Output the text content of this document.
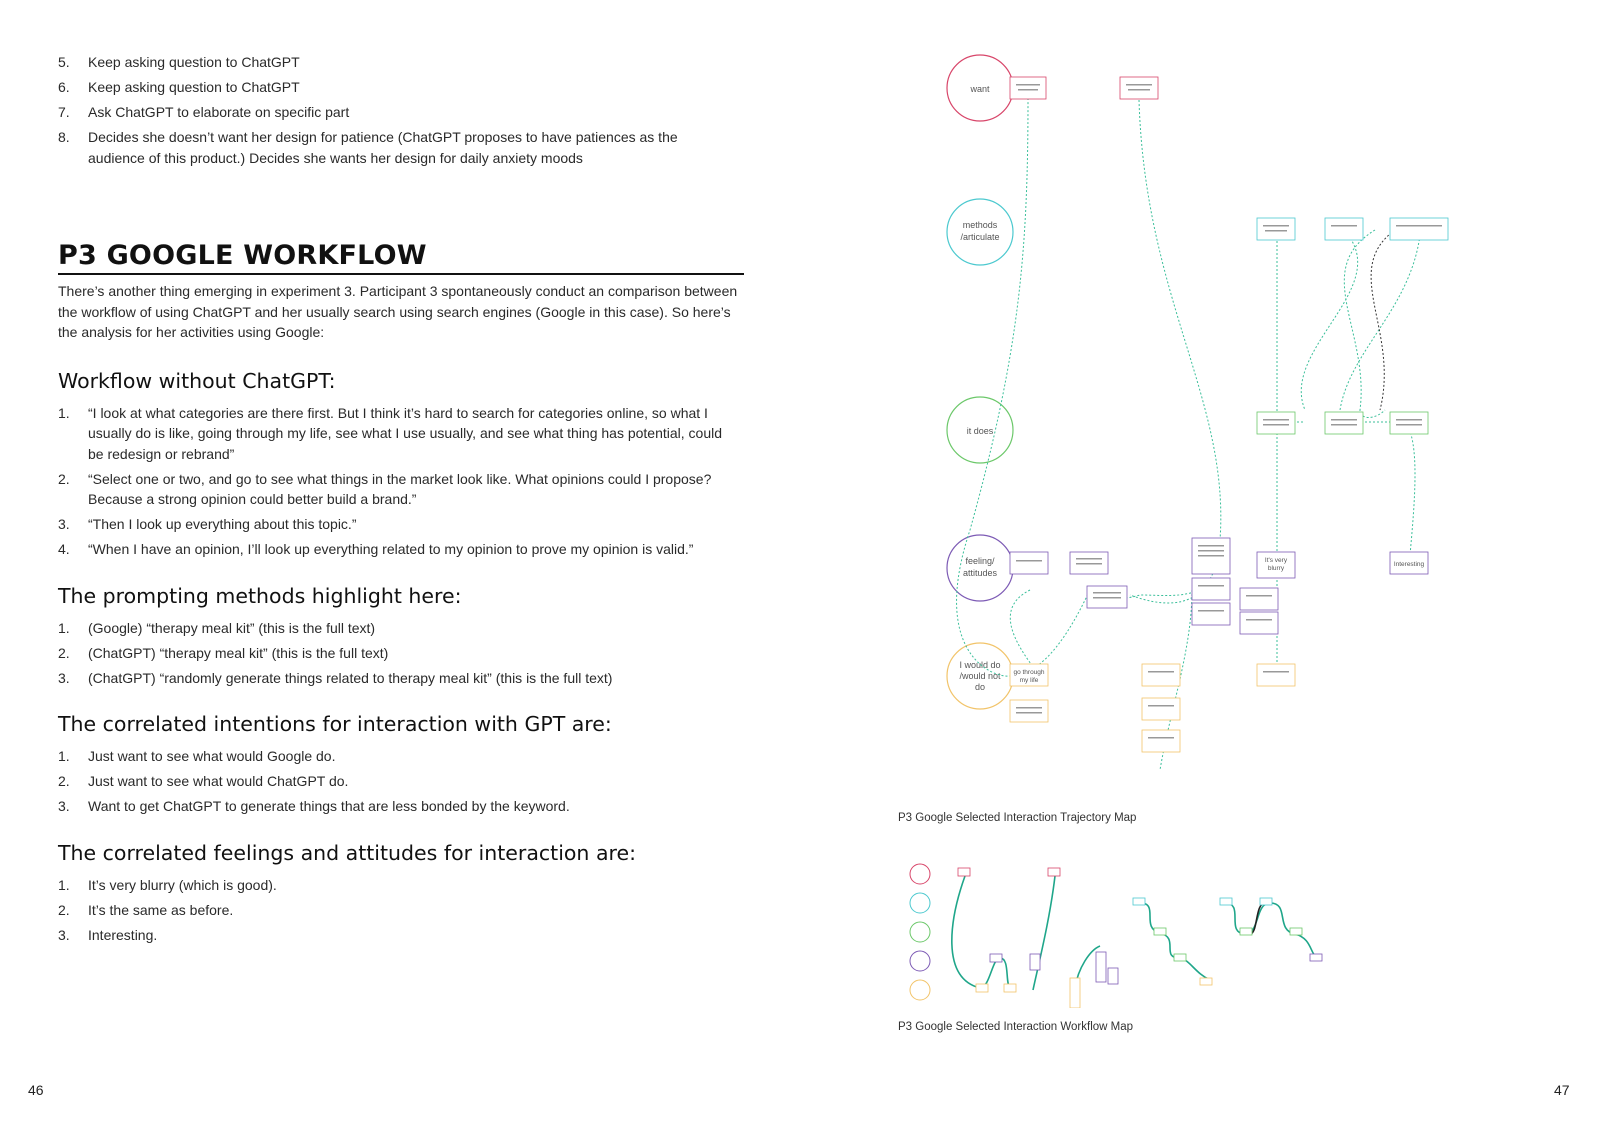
5. Keep asking question to ChatGPT
6. Keep asking question to ChatGPT
7. Ask ChatGPT to elaborate on specific part
8. Decides she doesn’t want her design for patience (ChatGPT proposes to have patiences as the audience of this product.) Decides she wants her design for daily anxiety moods
P3 GOOGLE WORKFLOW

There’s another thing emerging in experiment 3. Participant 3 spontaneously conduct an comparison between the workflow of using ChatGPT and her usually search using search engines (Google in this case). So here’s the analysis for her activities using Google:

Workflow without ChatGPT:
1. “I look at what categories are there first. But I think it’s hard to search for categories online, so what I usually do is like, going through my life, see what I use usually, and see what thing has potential, could be redesign or rebrand”
2. “Select one or two, and go to see what things in the market look like. What opinions could I propose? Because a strong opinion could better build a brand.”
3. “Then I look up everything about this topic.”
4. “When I have an opinion, I’ll look up everything related to my opinion to prove my opinion is valid.”
The prompting methods highlight here:
1. (Google) “therapy meal kit” (this is the full text)
2. (ChatGPT) “therapy meal kit” (this is the full text)
3. (ChatGPT) “randomly generate things related to therapy meal kit” (this is the full text)
The correlated intentions for interaction with GPT are:
1. Just want to see what would Google do.
2. Just want to see what would ChatGPT do.
3. Want to get ChatGPT to generate things that are less bonded by the keyword.
The correlated feelings and attitudes for interaction are:
1. It’s very blurry (which is good).
2. It’s the same as before.
3. Interesting.
46	47
want
methods
/articulate
it does
feeling/
attitudes
I would do
/would not
do
go through
my life
It's very
blurry
Interesting
P3 Google Selected Interaction Trajectory Map
P3 Google Selected Interaction Workflow Map
